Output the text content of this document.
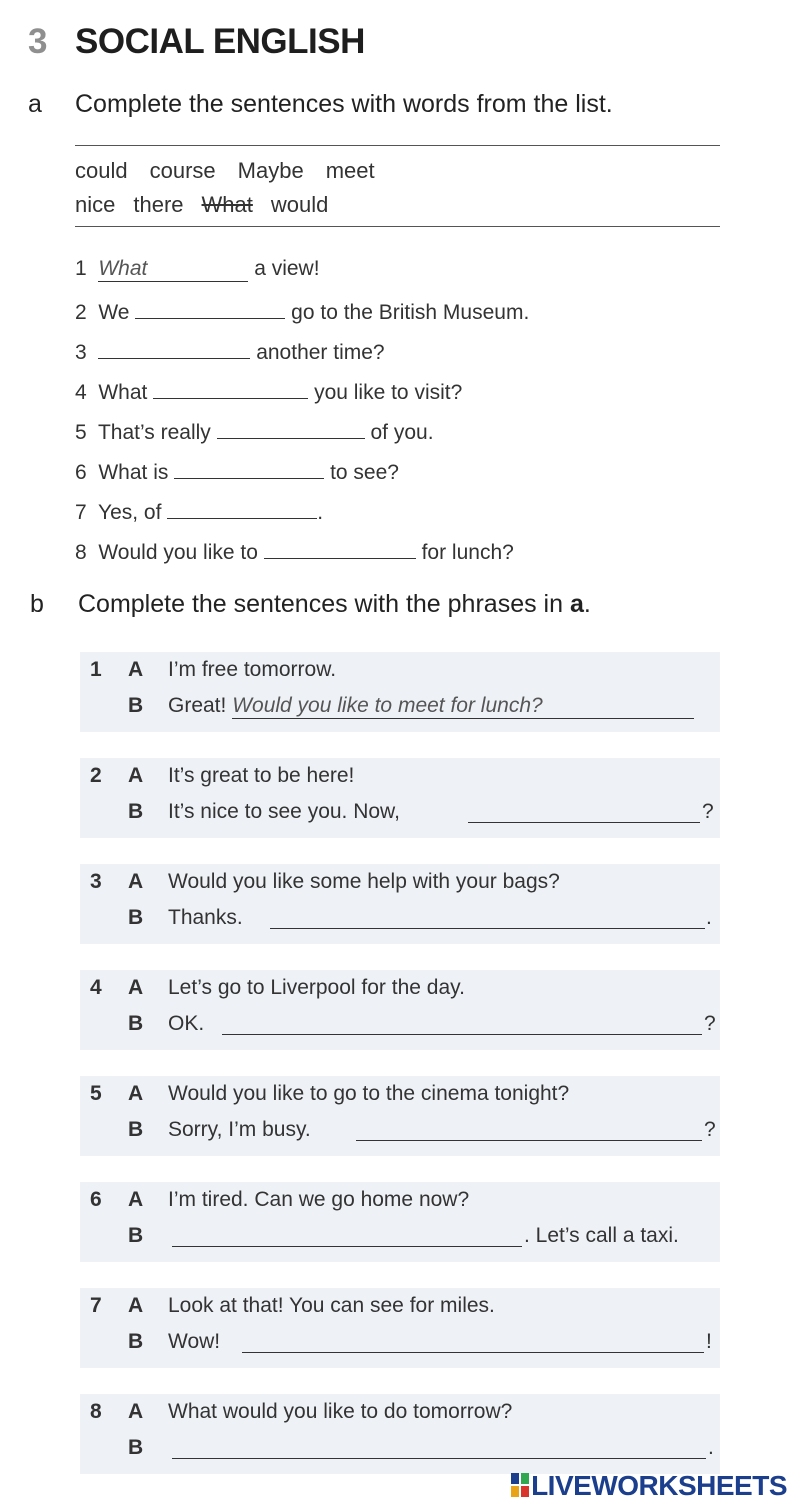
3 SOCIAL ENGLISH
a Complete the sentences with words from the list.
could course Maybe meet
nice there What would
1 What	a view!
2 We	go to the British Museum.
3	another time?
4 What	you like to visit?
5 That’s really	of you.
6 What is	to see?
7 Yes, of	.
8 Would you like to	for lunch?
b Complete the sentences with the phrases in a.
1 A I’m free tomorrow.
B Great! Would you like to meet for lunch?
2 A It’s great to be here!
B It’s nice to see you. Now,	?
3 A Would you like some help with your bags?
B Thanks.	.
4 A Let’s go to Liverpool for the day.
B OK.	?
5 A Would you like to go to the cinema tonight?
B Sorry, I’m busy.	?
6 A I’m tired. Can we go home now?
B	. Let’s call a taxi.
7 A Look at that! You can see for miles.
B Wow!	!
8 A What would you like to do tomorrow?
B	.
LIVEWORKSHEETS
